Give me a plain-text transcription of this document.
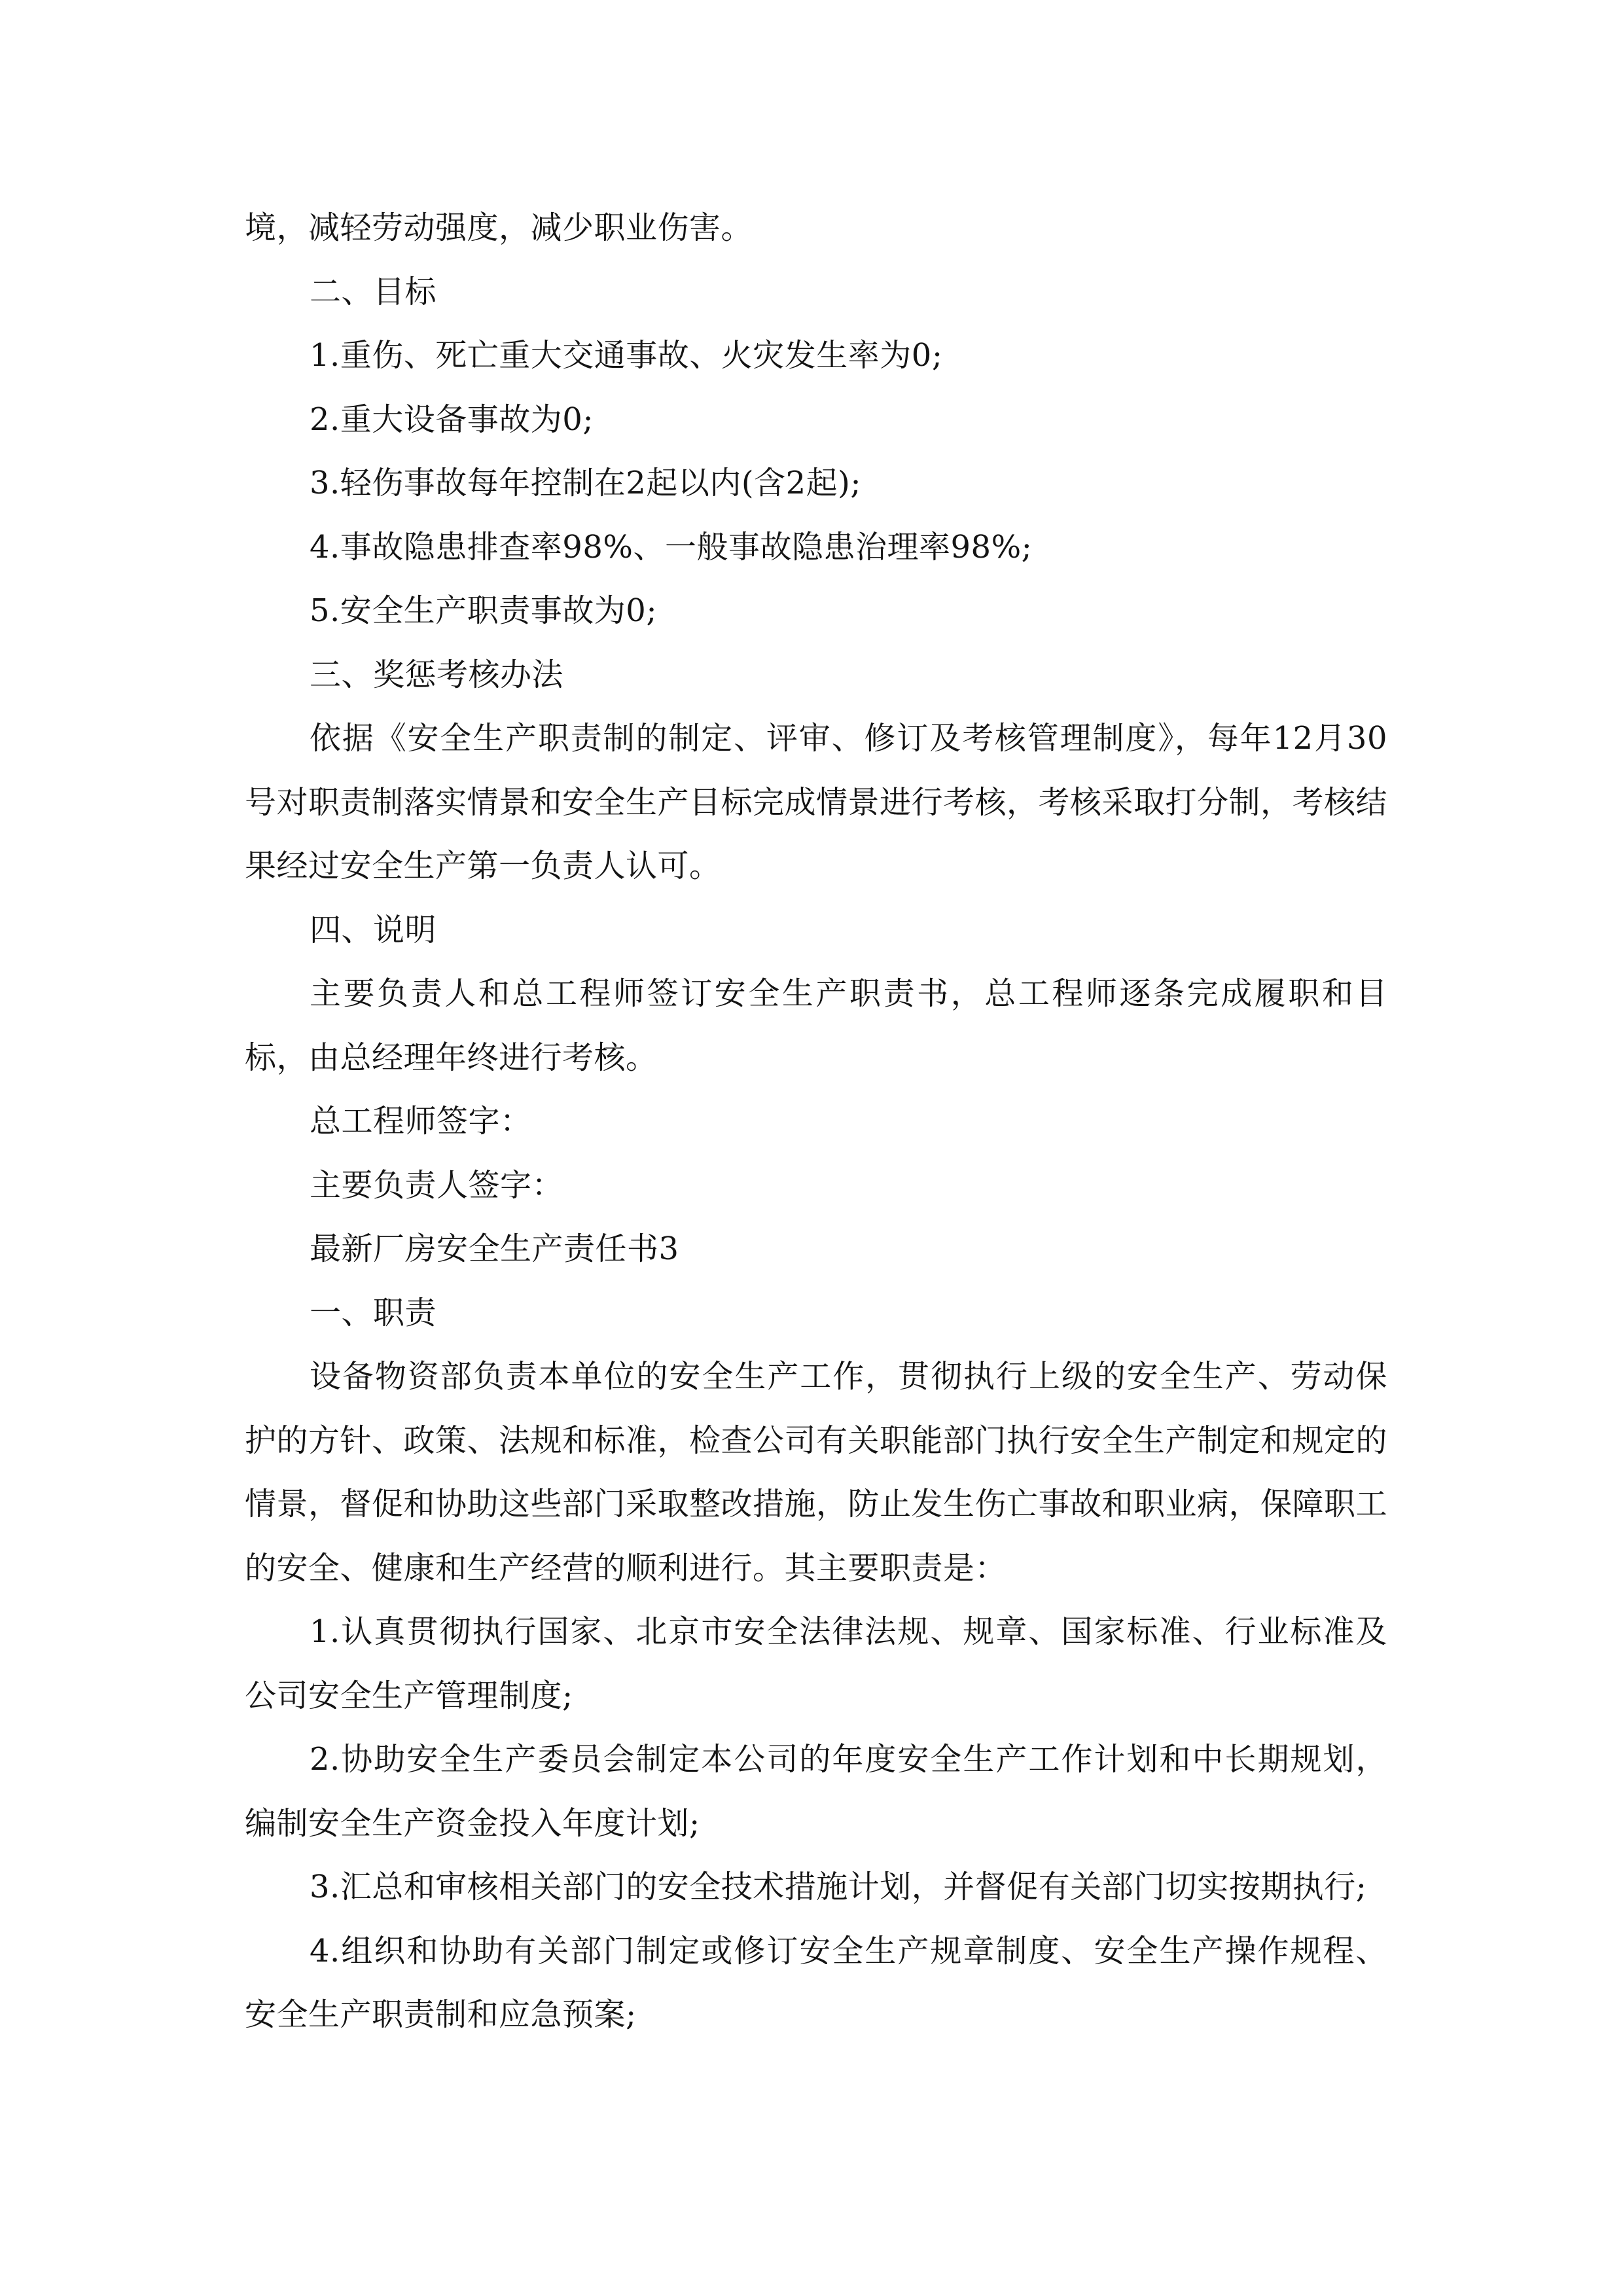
境，减轻劳动强度，减少职业伤害。

二、目标

1.重伤、死亡重大交通事故、火灾发生率为0;

2.重大设备事故为0;

3.轻伤事故每年控制在2起以内(含2起);

4.事故隐患排查率98%、一般事故隐患治理率98%;

5.安全生产职责事故为0;

三、奖惩考核办法

依据《安全生产职责制的制定、评审、修订及考核管理制度》，每年12月30号对职责制落实情景和安全生产目标完成情景进行考核，考核采取打分制，考核结果经过安全生产第一负责人认可。

四、说明

主要负责人和总工程师签订安全生产职责书，总工程师逐条完成履职和目标，由总经理年终进行考核。

总工程师签字：

主要负责人签字：

最新厂房安全生产责任书3

一、职责

设备物资部负责本单位的安全生产工作，贯彻执行上级的安全生产、劳动保护的方针、政策、法规和标准，检查公司有关职能部门执行安全生产制定和规定的情景，督促和协助这些部门采取整改措施，防止发生伤亡事故和职业病，保障职工的安全、健康和生产经营的顺利进行。其主要职责是：

1.认真贯彻执行国家、北京市安全法律法规、规章、国家标准、行业标准及公司安全生产管理制度;

2.协助安全生产委员会制定本公司的年度安全生产工作计划和中长期规划，编制安全生产资金投入年度计划;

3.汇总和审核相关部门的安全技术措施计划，并督促有关部门切实按期执行;

4.组织和协助有关部门制定或修订安全生产规章制度、安全生产操作规程、安全生产职责制和应急预案;
